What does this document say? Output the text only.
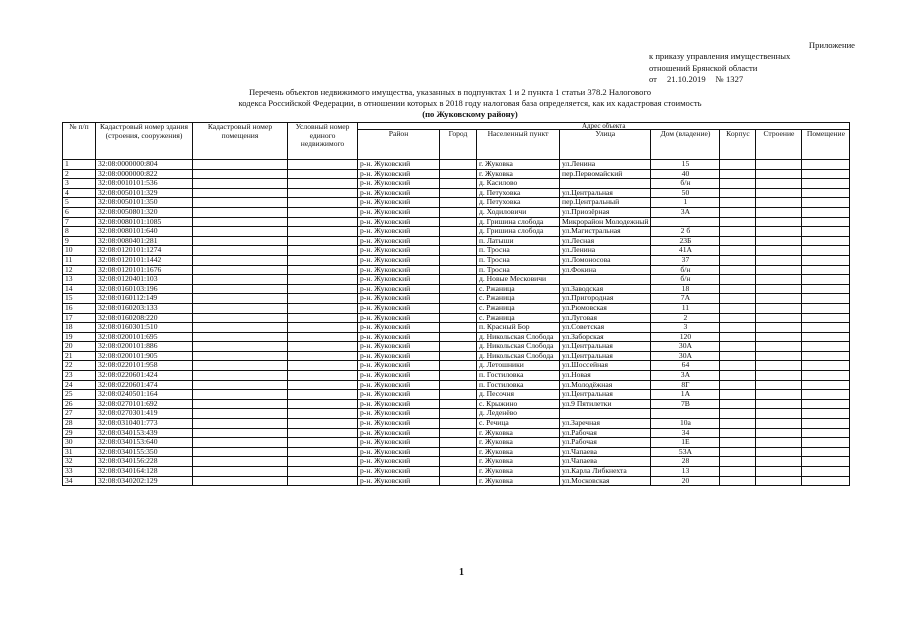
Приложение
к приказу управления имущественных
отношений Брянской области
от 21.10.2019 № 1327
Перечень объектов недвижимого имущества, указанных в подпунктах 1 и 2 пункта 1 статьи 378.2 Налогового
кодекса Российской Федерации, в отношении которых в 2018 году налоговая база определяется, как их кадастровая стоимость
(по Жуковскому району)
№ п/п	Кадастровый номер здания (строения, сооружения)	Кадастровый номер помещения	Условный номер единого недвижимого	Адрес объекта							
				Район	Город	Населенный пункт	Улица	Дом (владение)	Корпус	Строение	Помещение
1	32:08:0000000:804			р-н. Жуковский		г. Жуковка	ул.Ленина	15			
2	32:08:0000000:822			р-н. Жуковский		г. Жуковка	пер.Первомайский	40			
3	32:08:0010101:536			р-н. Жуковский		д. Касилово		б/н			
4	32:08:0050101:329			р-н. Жуковский		д. Петуховка	ул.Центральная	50			
5	32:08:0050101:350			р-н. Жуковский		д. Петуховка	пер.Центральный	1			
6	32:08:0050801:320			р-н. Жуковский		д. Ходиловичи	ул.Приозёрная	3А			
7	32:08:0080101:1085			р-н. Жуковский		д. Гришина слобода	Микрорайон Молодежный				
8	32:08:0080101:640			р-н. Жуковский		д. Гришина слобода	ул.Магистральная	2 б			
9	32:08:0080401:281			р-н. Жуковский		п. Латыши	ул.Лесная	23Б			
10	32:08:0120101:1274			р-н. Жуковский		п. Тросна	ул.Ленина	41А			
11	32:08:0120101:1442			р-н. Жуковский		п. Тросна	ул.Ломоносова	37			
12	32:08:0120101:1676			р-н. Жуковский		п. Тросна	ул.Фокина	б/н			
13	32:08:0120401:103			р-н. Жуковский		д. Новые Месковичи		б/н			
14	32:08:0160103:196			р-н. Жуковский		с. Ржаница	ул.Заводская	18			
15	32:08:0160112:149			р-н. Жуковский		с. Ржаница	ул.Пригородная	7А			
16	32:08:0160203:133			р-н. Жуковский		с. Ржаница	ул.Рюмовская	11			
17	32:08:0160208:220			р-н. Жуковский		с. Ржаница	ул.Луговая	2			
18	32:08:0160301:510			р-н. Жуковский		п. Красный Бор	ул.Советская	3			
19	32:08:0200101:695			р-н. Жуковский		д. Никольская Слобода	ул.Заборская	120			
20	32:08:0200101:886			р-н. Жуковский		д. Никольская Слобода	ул.Центральная	30А			
21	32:08:0200101:905			р-н. Жуковский		д. Никольская Слобода	ул.Центральная	30А			
22	32:08:0220101:958			р-н. Жуковский		д. Летошники	ул.Шоссейная	64			
23	32:08:0220601:424			р-н. Жуковский		п. Гостиловка	ул.Новая	3А			
24	32:08:0220601:474			р-н. Жуковский		п. Гостиловка	ул.Молодёжная	8Г			
25	32:08:0240501:164			р-н. Жуковский		д. Песочня	ул.Центральная	1А			
26	32:08:0270101:692			р-н. Жуковский		с. Крыжино	ул.9 Пятилетки	7В			
27	32:08:0270301:419			р-н. Жуковский		д. Леденёво					
28	32:08:0310401:773			р-н. Жуковский		с. Речица	ул.Заречная	10а			
29	32:08:0340153:439			р-н. Жуковский		г. Жуковка	ул.Рабочая	34			
30	32:08:0340153:640			р-н. Жуковский		г. Жуковка	ул.Рабочая	1Е			
31	32:08:0340155:350			р-н. Жуковский		г. Жуковка	ул.Чапаева	53А			
32	32:08:0340156:228			р-н. Жуковский		г. Жуковка	ул.Чапаева	28			
33	32:08:0340164:128			р-н. Жуковский		г. Жуковка	ул.Карла Либкнехта	13			
34	32:08:0340202:129			р-н. Жуковский		г. Жуковка	ул.Московская	20			
1
